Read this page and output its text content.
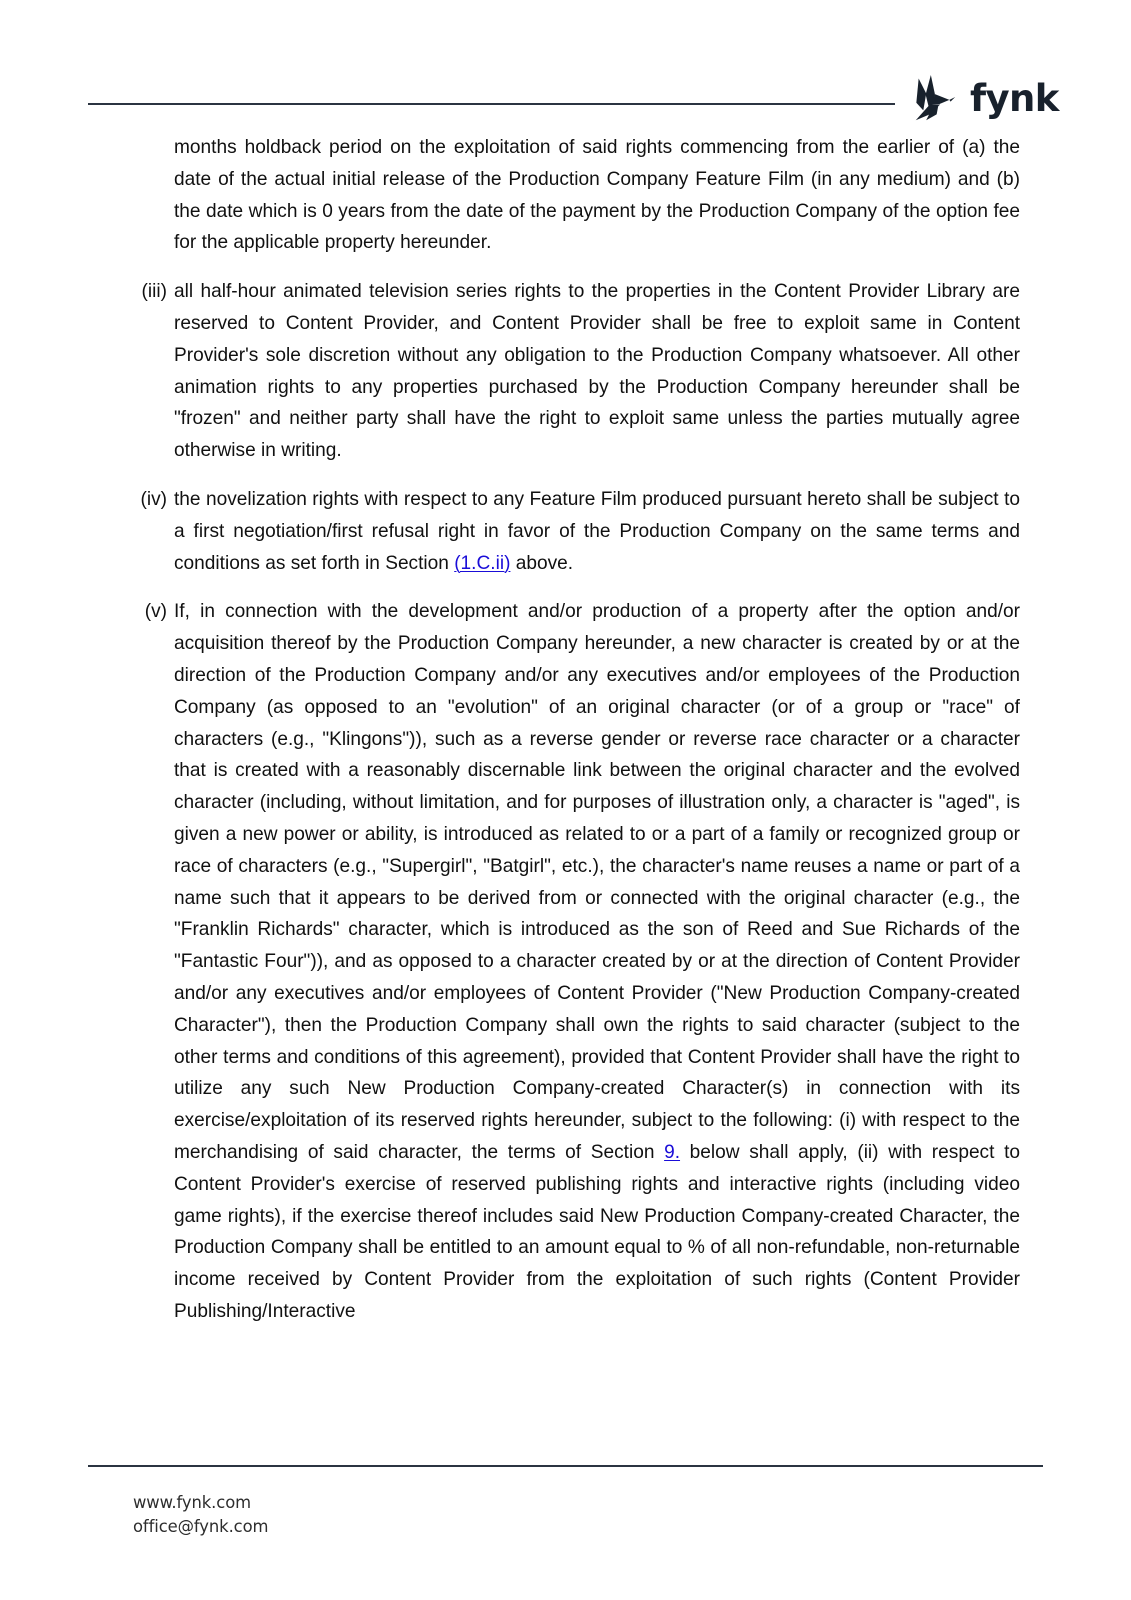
fynk
months holdback period on the exploitation of said rights commencing from the earlier of (a) the date of the actual initial release of the Production Company Feature Film (in any medium) and (b) the date which is 0 years from the date of the payment by the Production Company of the option fee for the applicable property hereunder.
(iii) all half-hour animated television series rights to the properties in the Content Provider Library are reserved to Content Provider, and Content Provider shall be free to exploit same in Content Provider's sole discretion without any obligation to the Production Company whatsoever. All other animation rights to any properties purchased by the Production Company hereunder shall be "frozen" and neither party shall have the right to exploit same unless the parties mutually agree otherwise in writing.
(iv) the novelization rights with respect to any Feature Film produced pursuant hereto shall be subject to a first negotiation/first refusal right in favor of the Production Company on the same terms and conditions as set forth in Section (1.C.ii) above.
(v) If, in connection with the development and/or production of a property after the option and/or acquisition thereof by the Production Company hereunder, a new character is created by or at the direction of the Production Company and/or any executives and/or employees of the Production Company (as opposed to an "evolution" of an original character (or of a group or "race" of characters (e.g., "Klingons")), such as a reverse gender or reverse race character or a character that is created with a reasonably discernable link between the original character and the evolved character (including, without limitation, and for purposes of illustration only, a character is "aged", is given a new power or ability, is introduced as related to or a part of a family or recognized group or race of characters (e.g., "Supergirl", "Batgirl", etc.), the character's name reuses a name or part of a name such that it appears to be derived from or connected with the original character (e.g., the "Franklin Richards" character, which is introduced as the son of Reed and Sue Richards of the "Fantastic Four")), and as opposed to a character created by or at the direction of Content Provider and/or any executives and/or employees of Content Provider ("New Production Company-created Character"), then the Production Company shall own the rights to said character (subject to the other terms and conditions of this agreement), provided that Content Provider shall have the right to utilize any such New Production Company-created Character(s) in connection with its exercise/exploitation of its reserved rights hereunder, subject to the following: (i) with respect to the merchandising of said character, the terms of Section 9. below shall apply, (ii) with respect to Content Provider's exercise of reserved publishing rights and interactive rights (including video game rights), if the exercise thereof includes said New Production Company-created Character, the Production Company shall be entitled to an amount equal to % of all non-refundable, non-returnable income received by Content Provider from the exploitation of such rights (Content Provider Publishing/Interactive
www.fynk.com
office@fynk.com
